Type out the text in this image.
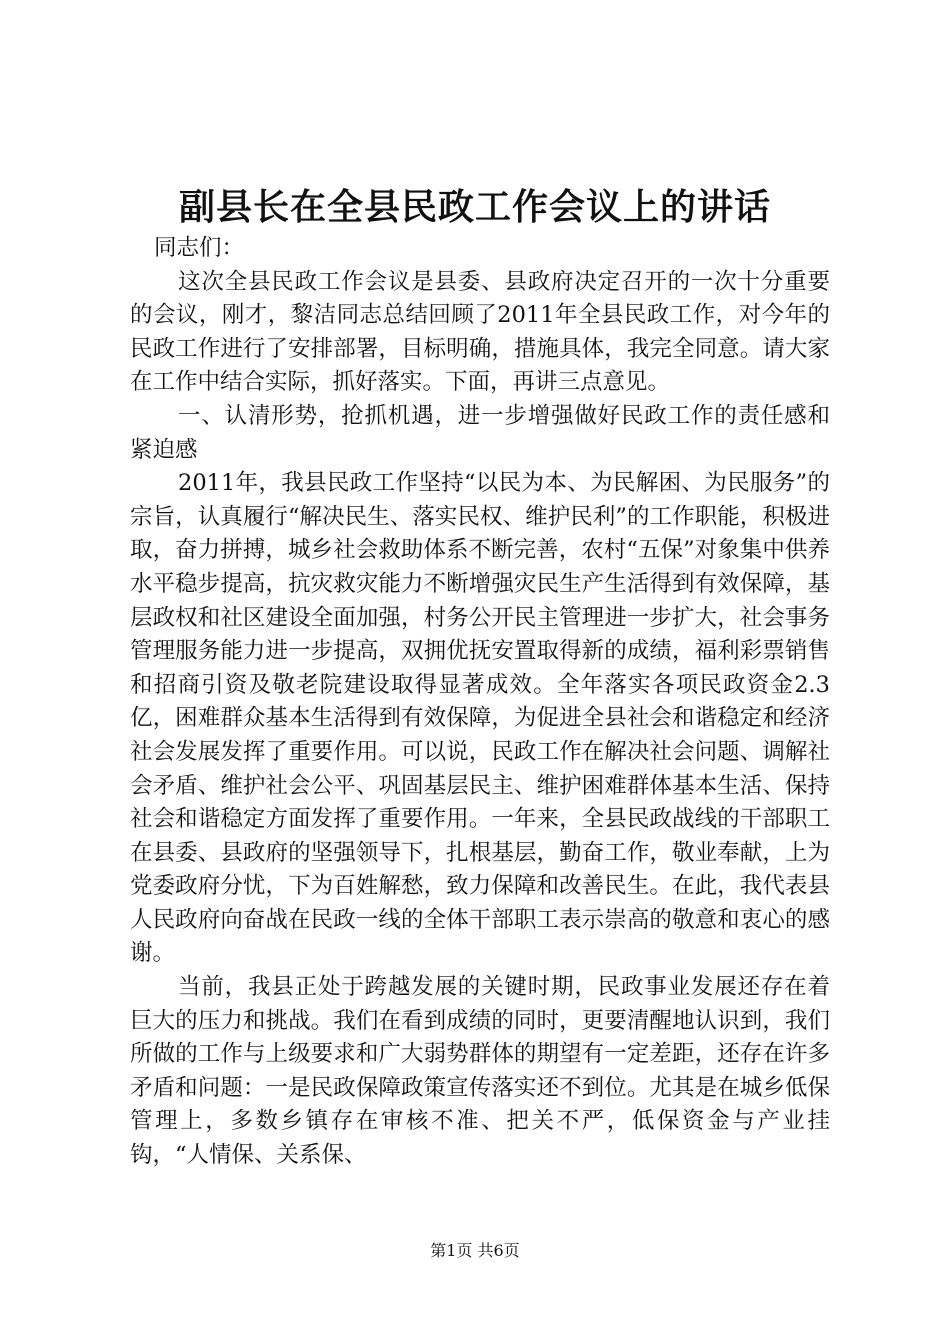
副县长在全县民政工作会议上的讲话

同志们：

这次全县民政工作会议是县委、县政府决定召开的一次十分重要的会议，刚才，黎洁同志总结回顾了2011年全县民政工作，对今年的民政工作进行了安排部署，目标明确，措施具体，我完全同意。请大家在工作中结合实际，抓好落实。下面，再讲三点意见。

一、认清形势，抢抓机遇，进一步增强做好民政工作的责任感和紧迫感

2011年，我县民政工作坚持“以民为本、为民解困、为民服务”的宗旨，认真履行“解决民生、落实民权、维护民利”的工作职能，积极进取，奋力拼搏，城乡社会救助体系不断完善，农村“五保”对象集中供养水平稳步提高，抗灾救灾能力不断增强灾民生产生活得到有效保障，基层政权和社区建设全面加强，村务公开民主管理进一步扩大，社会事务管理服务能力进一步提高，双拥优抚安置取得新的成绩，福利彩票销售和招商引资及敬老院建设取得显著成效。全年落实各项民政资金2.3亿，困难群众基本生活得到有效保障，为促进全县社会和谐稳定和经济社会发展发挥了重要作用。可以说，民政工作在解决社会问题、调解社会矛盾、维护社会公平、巩固基层民主、维护困难群体基本生活、保持社会和谐稳定方面发挥了重要作用。一年来，全县民政战线的干部职工在县委、县政府的坚强领导下，扎根基层，勤奋工作，敬业奉献，上为党委政府分忧，下为百姓解愁，致力保障和改善民生。在此，我代表县人民政府向奋战在民政一线的全体干部职工表示崇高的敬意和衷心的感谢。

当前，我县正处于跨越发展的关键时期，民政事业发展还存在着巨大的压力和挑战。我们在看到成绩的同时，更要清醒地认识到，我们所做的工作与上级要求和广大弱势群体的期望有一定差距，还存在许多矛盾和问题：一是民政保障政策宣传落实还不到位。尤其是在城乡低保管理上，多数乡镇存在审核不准、把关不严，低保资金与产业挂钩，“人情保、关系保、

第1页 共6页
